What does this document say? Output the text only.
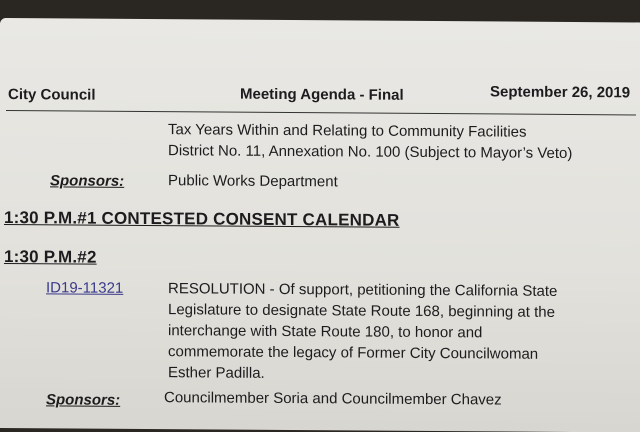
City Council	Meeting Agenda - Final	September 26, 2019
Tax Years Within and Relating to Community Facilities
District No. 11, Annexation No. 100 (Subject to Mayor’s Veto)
Sponsors:	Public Works Department
1:30 P.M.#1 CONTESTED CONSENT CALENDAR
1:30 P.M.#2
ID19-11321	RESOLUTION - Of support, petitioning the California State
Legislature to designate State Route 168, beginning at the
interchange with State Route 180, to honor and
commemorate the legacy of Former City Councilwoman
Esther Padilla.
Sponsors:	Councilmember Soria and Councilmember Chavez
